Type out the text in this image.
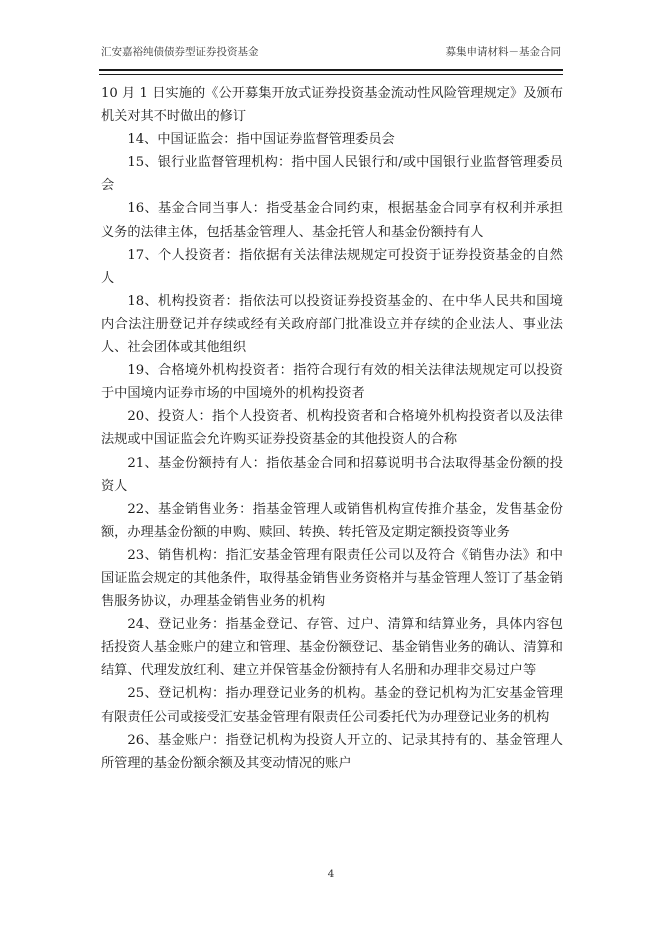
汇安嘉裕纯债债券型证券投资基金	募集申请材料－基金合同

10 月 1 日实施的《公开募集开放式证券投资基金流动性风险管理规定》及颁布机关对其不时做出的修订

14、中国证监会：指中国证券监督管理委员会

15、银行业监督管理机构：指中国人民银行和/或中国银行业监督管理委员会

16、基金合同当事人：指受基金合同约束，根据基金合同享有权利并承担义务的法律主体，包括基金管理人、基金托管人和基金份额持有人

17、个人投资者：指依据有关法律法规规定可投资于证券投资基金的自然人

18、机构投资者：指依法可以投资证券投资基金的、在中华人民共和国境内合法注册登记并存续或经有关政府部门批准设立并存续的企业法人、事业法人、社会团体或其他组织

19、合格境外机构投资者：指符合现行有效的相关法律法规规定可以投资于中国境内证券市场的中国境外的机构投资者

20、投资人：指个人投资者、机构投资者和合格境外机构投资者以及法律法规或中国证监会允许购买证券投资基金的其他投资人的合称

21、基金份额持有人：指依基金合同和招募说明书合法取得基金份额的投资人

22、基金销售业务：指基金管理人或销售机构宣传推介基金，发售基金份额，办理基金份额的申购、赎回、转换、转托管及定期定额投资等业务

23、销售机构：指汇安基金管理有限责任公司以及符合《销售办法》和中国证监会规定的其他条件，取得基金销售业务资格并与基金管理人签订了基金销售服务协议，办理基金销售业务的机构

24、登记业务：指基金登记、存管、过户、清算和结算业务，具体内容包括投资人基金账户的建立和管理、基金份额登记、基金销售业务的确认、清算和结算、代理发放红利、建立并保管基金份额持有人名册和办理非交易过户等

25、登记机构：指办理登记业务的机构。基金的登记机构为汇安基金管理有限责任公司或接受汇安基金管理有限责任公司委托代为办理登记业务的机构

26、基金账户：指登记机构为投资人开立的、记录其持有的、基金管理人所管理的基金份额余额及其变动情况的账户

4
